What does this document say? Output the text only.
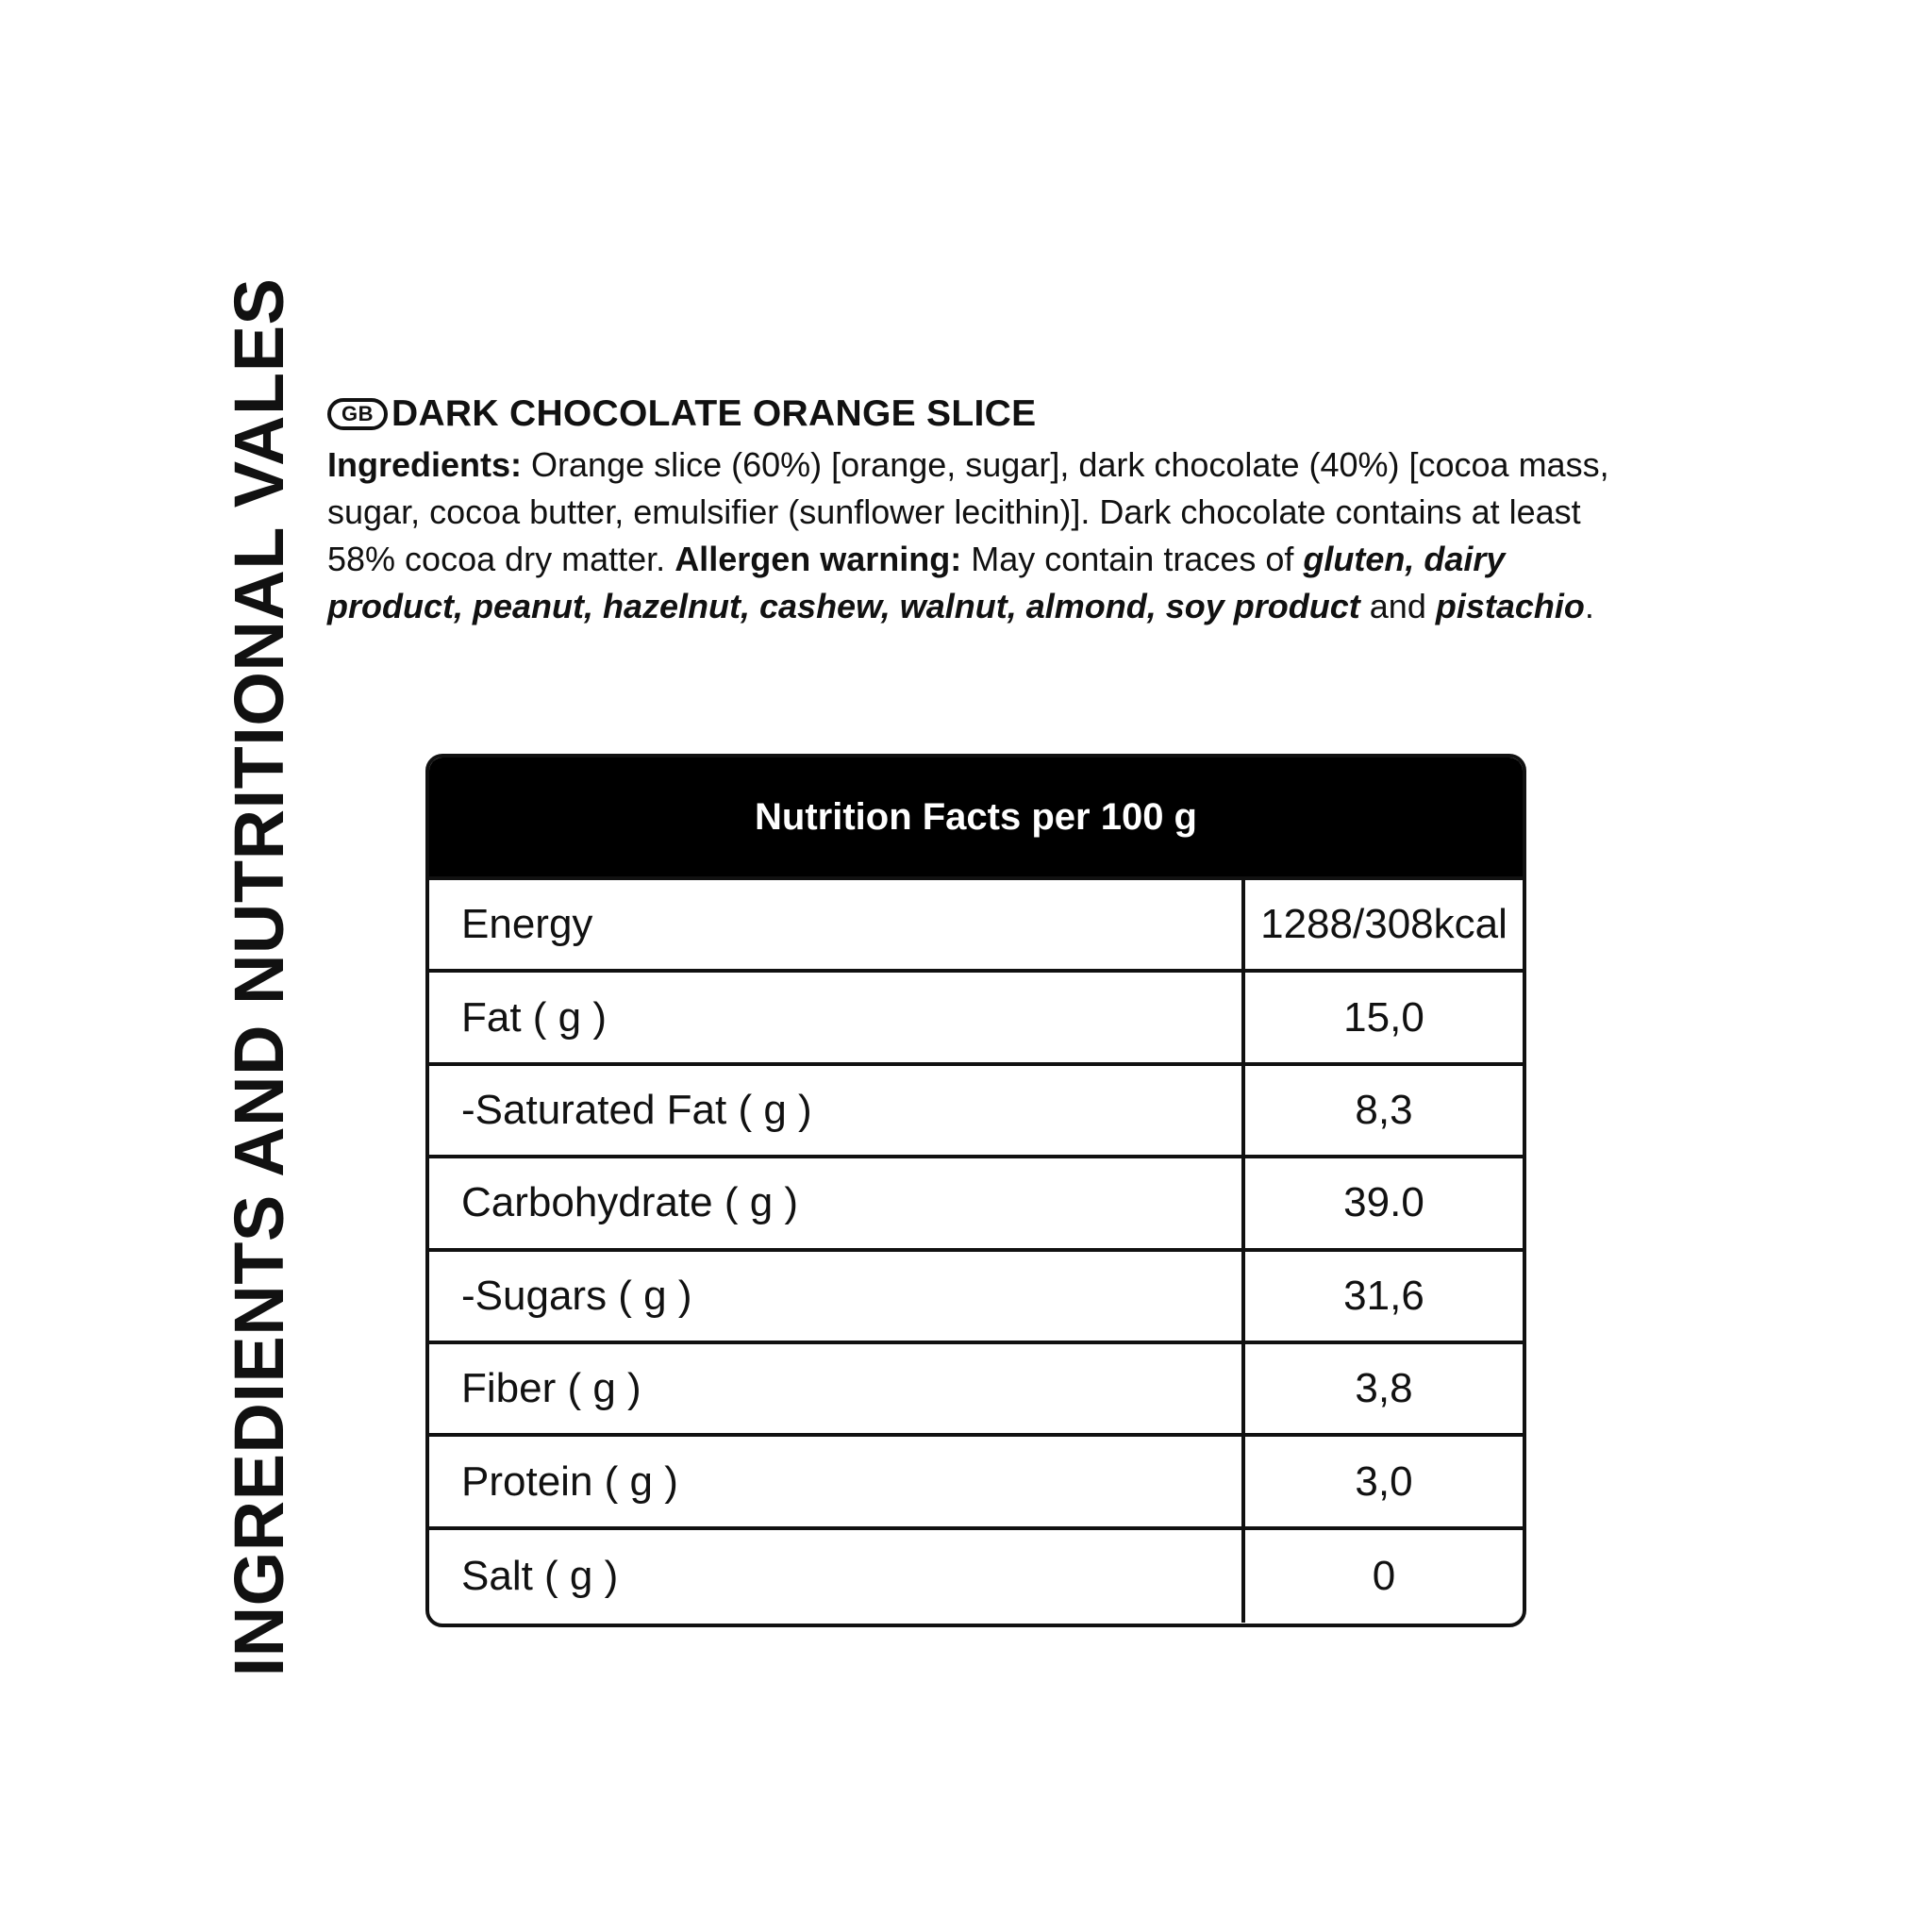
INGREDIENTS AND NUTRITIONAL VALES	GB DARK CHOCOLATE ORANGE SLICE
Ingredients: Orange slice (60%) [orange, sugar], dark chocolate (40%) [cocoa mass, sugar, cocoa butter, emulsifier (sunflower lecithin)]. Dark chocolate contains at least 58% cocoa dry matter. Allergen warning: May contain traces of gluten, dairy product, peanut, hazelnut, cashew, walnut, almond, soy product and pistachio.
Nutrition Facts per 100 g
Energy	1288/308kcal
Fat ( g )	15,0
-Saturated Fat ( g )	8,3
Carbohydrate ( g )	39.0
-Sugars ( g )	31,6
Fiber ( g )	3,8
Protein ( g )	3,0
Salt ( g )	0
